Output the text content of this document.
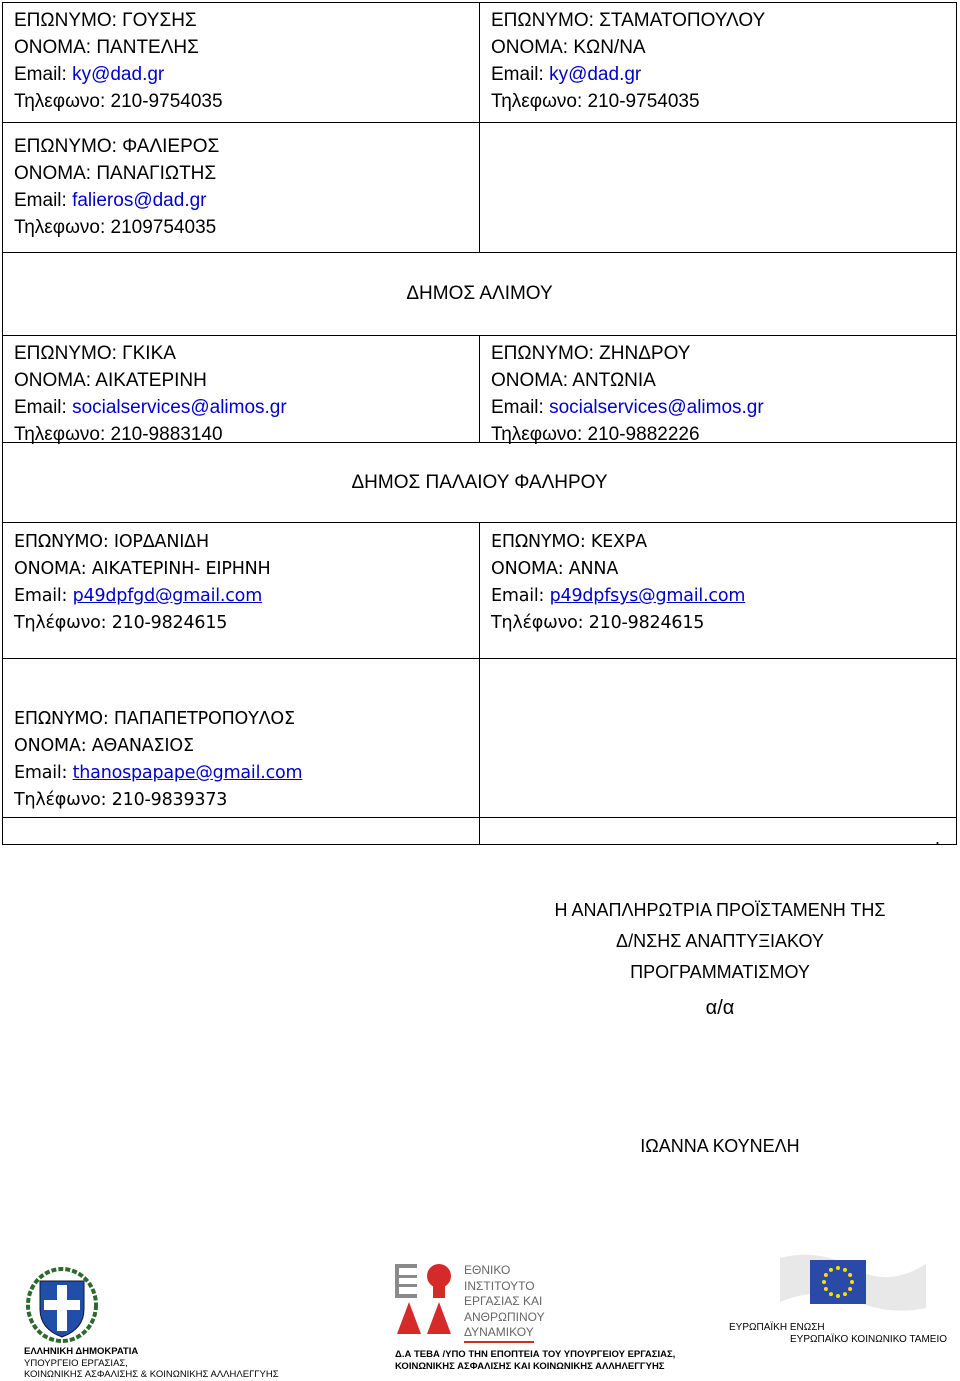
ΕΠΩΝΥΜΟ: ΓΟΥΣΗΣ
ΟΝΟΜΑ: ΠΑΝΤΕΛΗΣ
Email: ky@dad.gr
Τηλεφωνο: 210-9754035
ΕΠΩΝΥΜΟ: ΣΤΑΜΑΤΟΠΟΥΛΟΥ
ΟΝΟΜΑ: ΚΩΝ/ΝΑ
Email: ky@dad.gr
Τηλεφωνο: 210-9754035
ΕΠΩΝΥΜΟ: ΦΑΛΙΕΡΟΣ
ΟΝΟΜΑ: ΠΑΝΑΓΙΩΤΗΣ
Email: falieros@dad.gr
Τηλεφωνο: 2109754035
ΔΗΜΟΣ ΑΛΙΜΟΥ
ΕΠΩΝΥΜΟ: ΓΚΙΚΑ
ΟΝΟΜΑ: ΑΙΚΑΤΕΡΙΝΗ
Email: socialservices@alimos.gr
Τηλεφωνο: 210-9883140
ΕΠΩΝΥΜΟ: ΖΗΝΔΡΟΥ
ΟΝΟΜΑ: ΑΝΤΩΝΙΑ
Email: socialservices@alimos.gr
Τηλεφωνο: 210-9882226
ΔΗΜΟΣ ΠΑΛΑΙΟΥ ΦΑΛΗΡΟΥ
ΕΠΩΝΥΜΟ: ΙΟΡΔΑΝΙΔΗ
ΟΝΟΜΑ: ΑΙΚΑΤΕΡΙΝΗ- ΕΙΡΗΝΗ
Email: p49dpfgd@gmail.com
Τηλέφωνο: 210-9824615
ΕΠΩΝΥΜΟ: ΚΕΧΡΑ
ΟΝΟΜΑ: ΑΝΝΑ
Email: p49dpfsys@gmail.com
Τηλέφωνο: 210-9824615
ΕΠΩΝΥΜΟ: ΠΑΠΑΠΕΤΡΟΠΟΥΛΟΣ
ΟΝΟΜΑ: ΑΘΑΝΑΣΙΟΣ
Email: thanospapape@gmail.com
Τηλέφωνο: 210-9839373
.
Η ΑΝΑΠΛΗΡΩΤΡΙΑ ΠΡΟΪΣΤΑΜΕΝΗ ΤΗΣ
Δ/ΝΣΗΣ ΑΝΑΠΤΥΞΙΑΚΟΥ
ΠΡΟΓΡΑΜΜΑΤΙΣΜΟΥ
α/α
ΙΩΑΝΝΑ ΚΟΥΝΕΛΗ
ΕΛΛΗΝΙΚΗ ΔΗΜΟΚΡΑΤΙΑ
ΥΠΟΥΡΓΕΙΟ ΕΡΓΑΣΙΑΣ,
ΚΟΙΝΩΝΙΚΗΣ ΑΣΦΑΛΙΣΗΣ & ΚΟΙΝΩΝΙΚΗΣ ΑΛΛΗΛΕΓΓΥΗΣ
ΕΘΝΙΚΟ
ΙΝΣΤΙΤΟΥΤΟ
ΕΡΓΑΣΙΑΣ ΚΑΙ
ΑΝΘΡΩΠΙΝΟΥ
ΔΥΝΑΜΙΚΟΥ
Δ.Α ΤΕΒΑ /ΥΠΟ ΤΗΝ ΕΠΟΠΤΕΙΑ ΤΟΥ ΥΠΟΥΡΓΕΙΟΥ ΕΡΓΑΣΙΑΣ,
ΚΟΙΝΩΝΙΚΗΣ ΑΣΦΑΛΙΣΗΣ ΚΑΙ ΚΟΙΝΩΝΙΚΗΣ ΑΛΛΗΛΕΓΓΥΗΣ
ΕΥΡΩΠΑΪΚΗ ΕΝΩΣΗ
ΕΥΡΩΠΑΪΚΟ ΚΟΙΝΩΝΙΚΟ ΤΑΜΕΙΟ
